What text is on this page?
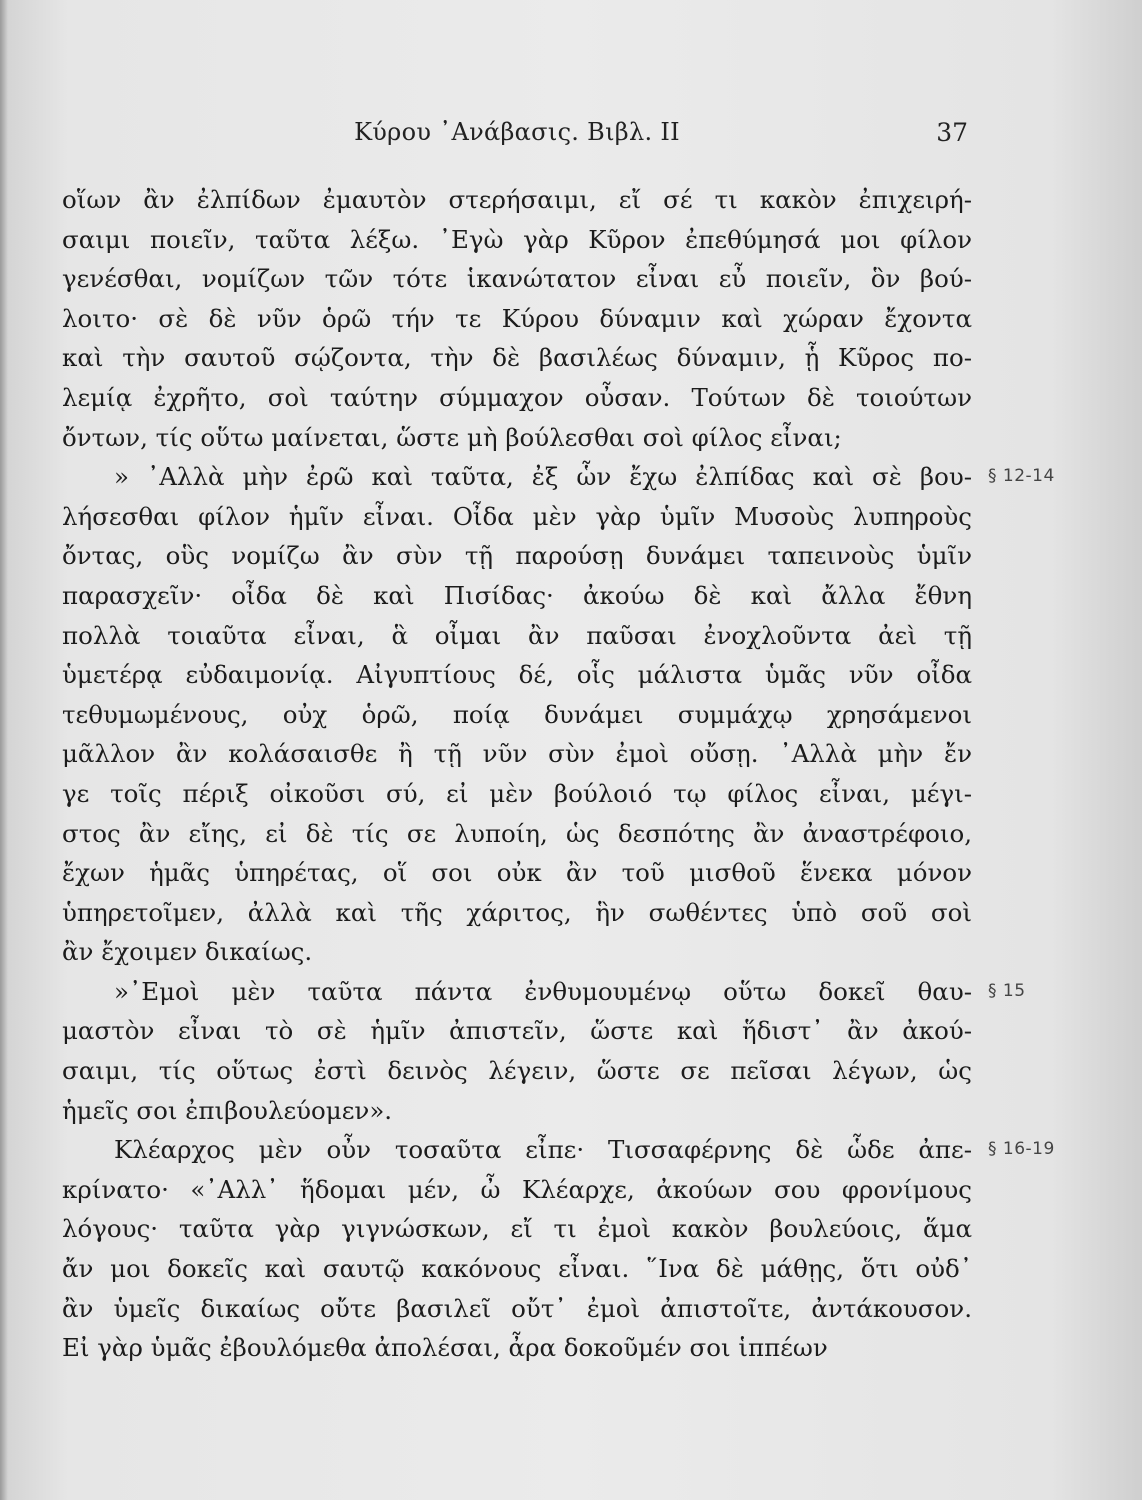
Κύρου ᾿Ανάβασις. Βιβλ. II	37
οἵων ἂν ἐλπίδων ἐμαυτὸν στερήσαιμι, εἴ σέ τι κακὸν ἐπιχειρή-
σαιμι ποιεῖν, ταῦτα λέξω. ᾿Εγὼ γὰρ Κῦρον ἐπεθύμησά μοι φίλον
γενέσθαι, νομίζων τῶν τότε ἱκανώτατον εἶναι εὖ ποιεῖν, ὃν βού-
λοιτο· σὲ δὲ νῦν ὁρῶ τήν τε Κύρου δύναμιν καὶ χώραν ἔχοντα
καὶ τὴν σαυτοῦ σῴζοντα, τὴν δὲ βασιλέως δύναμιν, ᾗ Κῦρος πο-
λεμίᾳ ἐχρῆτο, σοὶ ταύτην σύμμαχον οὖσαν. Τούτων δὲ τοιούτων
ὄντων, τίς οὕτω μαίνεται, ὥστε μὴ βούλεσθαι σοὶ φίλος εἶναι;
» ᾿Αλλὰ μὴν ἐρῶ καὶ ταῦτα, ἐξ ὧν ἔχω ἐλπίδας καὶ σὲ βου-
λήσεσθαι φίλον ἡμῖν εἶναι. Οἶδα μὲν γὰρ ὑμῖν Μυσοὺς λυπηροὺς
ὄντας, οὓς νομίζω ἂν σὺν τῇ παρούσῃ δυνάμει ταπεινοὺς ὑμῖν
παρασχεῖν· οἶδα δὲ καὶ Πισίδας· ἀκούω δὲ καὶ ἄλλα ἔθνη
πολλὰ τοιαῦτα εἶναι, ἃ οἶμαι ἂν παῦσαι ἐνοχλοῦντα ἀεὶ τῇ
ὑμετέρᾳ εὐδαιμονίᾳ. Αἰγυπτίους δέ, οἷς μάλιστα ὑμᾶς νῦν οἶδα
τεθυμωμένους, οὐχ ὁρῶ, ποίᾳ δυνάμει συμμάχῳ χρησάμενοι
μᾶλλον ἂν κολάσαισθε ἢ τῇ νῦν σὺν ἐμοὶ οὔσῃ. ᾿Αλλὰ μὴν ἔν
γε τοῖς πέριξ οἰκοῦσι σύ, εἰ μὲν βούλοιό τῳ φίλος εἶναι, μέγι-
στος ἂν εἴης, εἰ δὲ τίς σε λυποίη, ὡς δεσπότης ἂν ἀναστρέφοιο,
ἔχων ἡμᾶς ὑπηρέτας, οἵ σοι οὐκ ἂν τοῦ μισθοῦ ἕνεκα μόνον
ὑπηρετοῖμεν, ἀλλὰ καὶ τῆς χάριτος, ἣν σωθέντες ὑπὸ σοῦ σοὶ
ἂν ἔχοιμεν δικαίως.
»᾿Εμοὶ μὲν ταῦτα πάντα ἐνθυμουμένῳ οὕτω δοκεῖ θαυ-
μαστὸν εἶναι τὸ σὲ ἡμῖν ἀπιστεῖν, ὥστε καὶ ἥδιστ᾿ ἂν ἀκού-
σαιμι, τίς οὕτως ἐστὶ δεινὸς λέγειν, ὥστε σε πεῖσαι λέγων, ὡς
ἡμεῖς σοι ἐπιβουλεύομεν».
Κλέαρχος μὲν οὖν τοσαῦτα εἶπε· Τισσαφέρνης δὲ ὧδε ἀπε-
κρίνατο· «᾿Αλλ᾿ ἥδομαι μέν, ὦ Κλέαρχε, ἀκούων σου φρονίμους
λόγους· ταῦτα γὰρ γιγνώσκων, εἴ τι ἐμοὶ κακὸν βουλεύοις, ἅμα
ἄν μοι δοκεῖς καὶ σαυτῷ κακόνους εἶναι. ῞Ινα δὲ μάθῃς, ὅτι οὐδ᾿
ἂν ὑμεῖς δικαίως οὔτε βασιλεῖ οὔτ᾿ ἐμοὶ ἀπιστοῖτε, ἀντάκουσον.
Εἰ γὰρ ὑμᾶς ἐβουλόμεθα ἀπολέσαι, ἆρα δοκοῦμέν σοι ἱππέων
§ 12-14
§ 15
§ 16-19
